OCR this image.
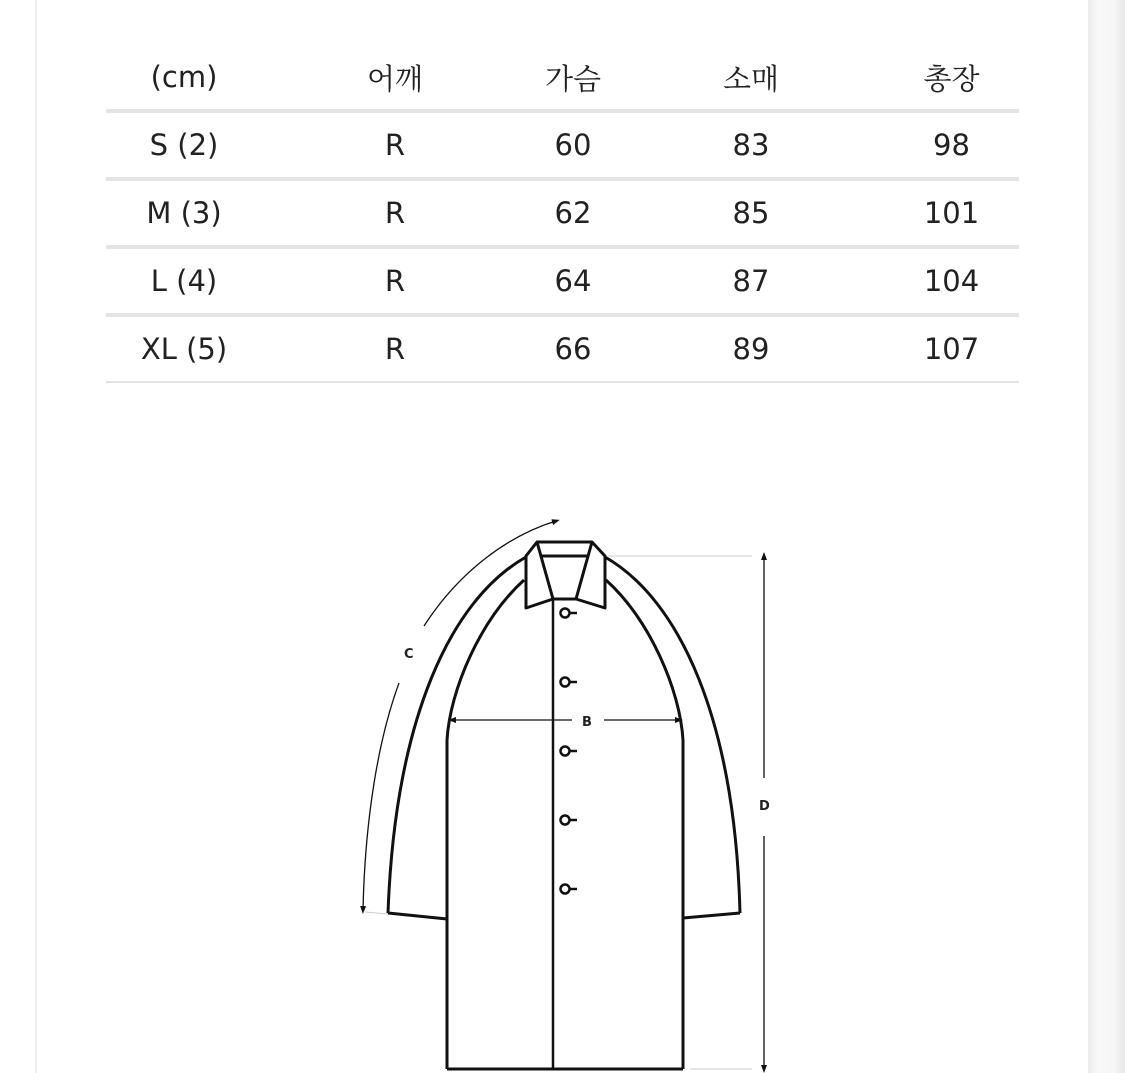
(cm)	어깨	가슴	소매	총장
S (2)	R	60	83	98
M (3)	R	62	85	101
L (4)	R	64	87	104
XL (5)	R	66	89	107
C
B
D
